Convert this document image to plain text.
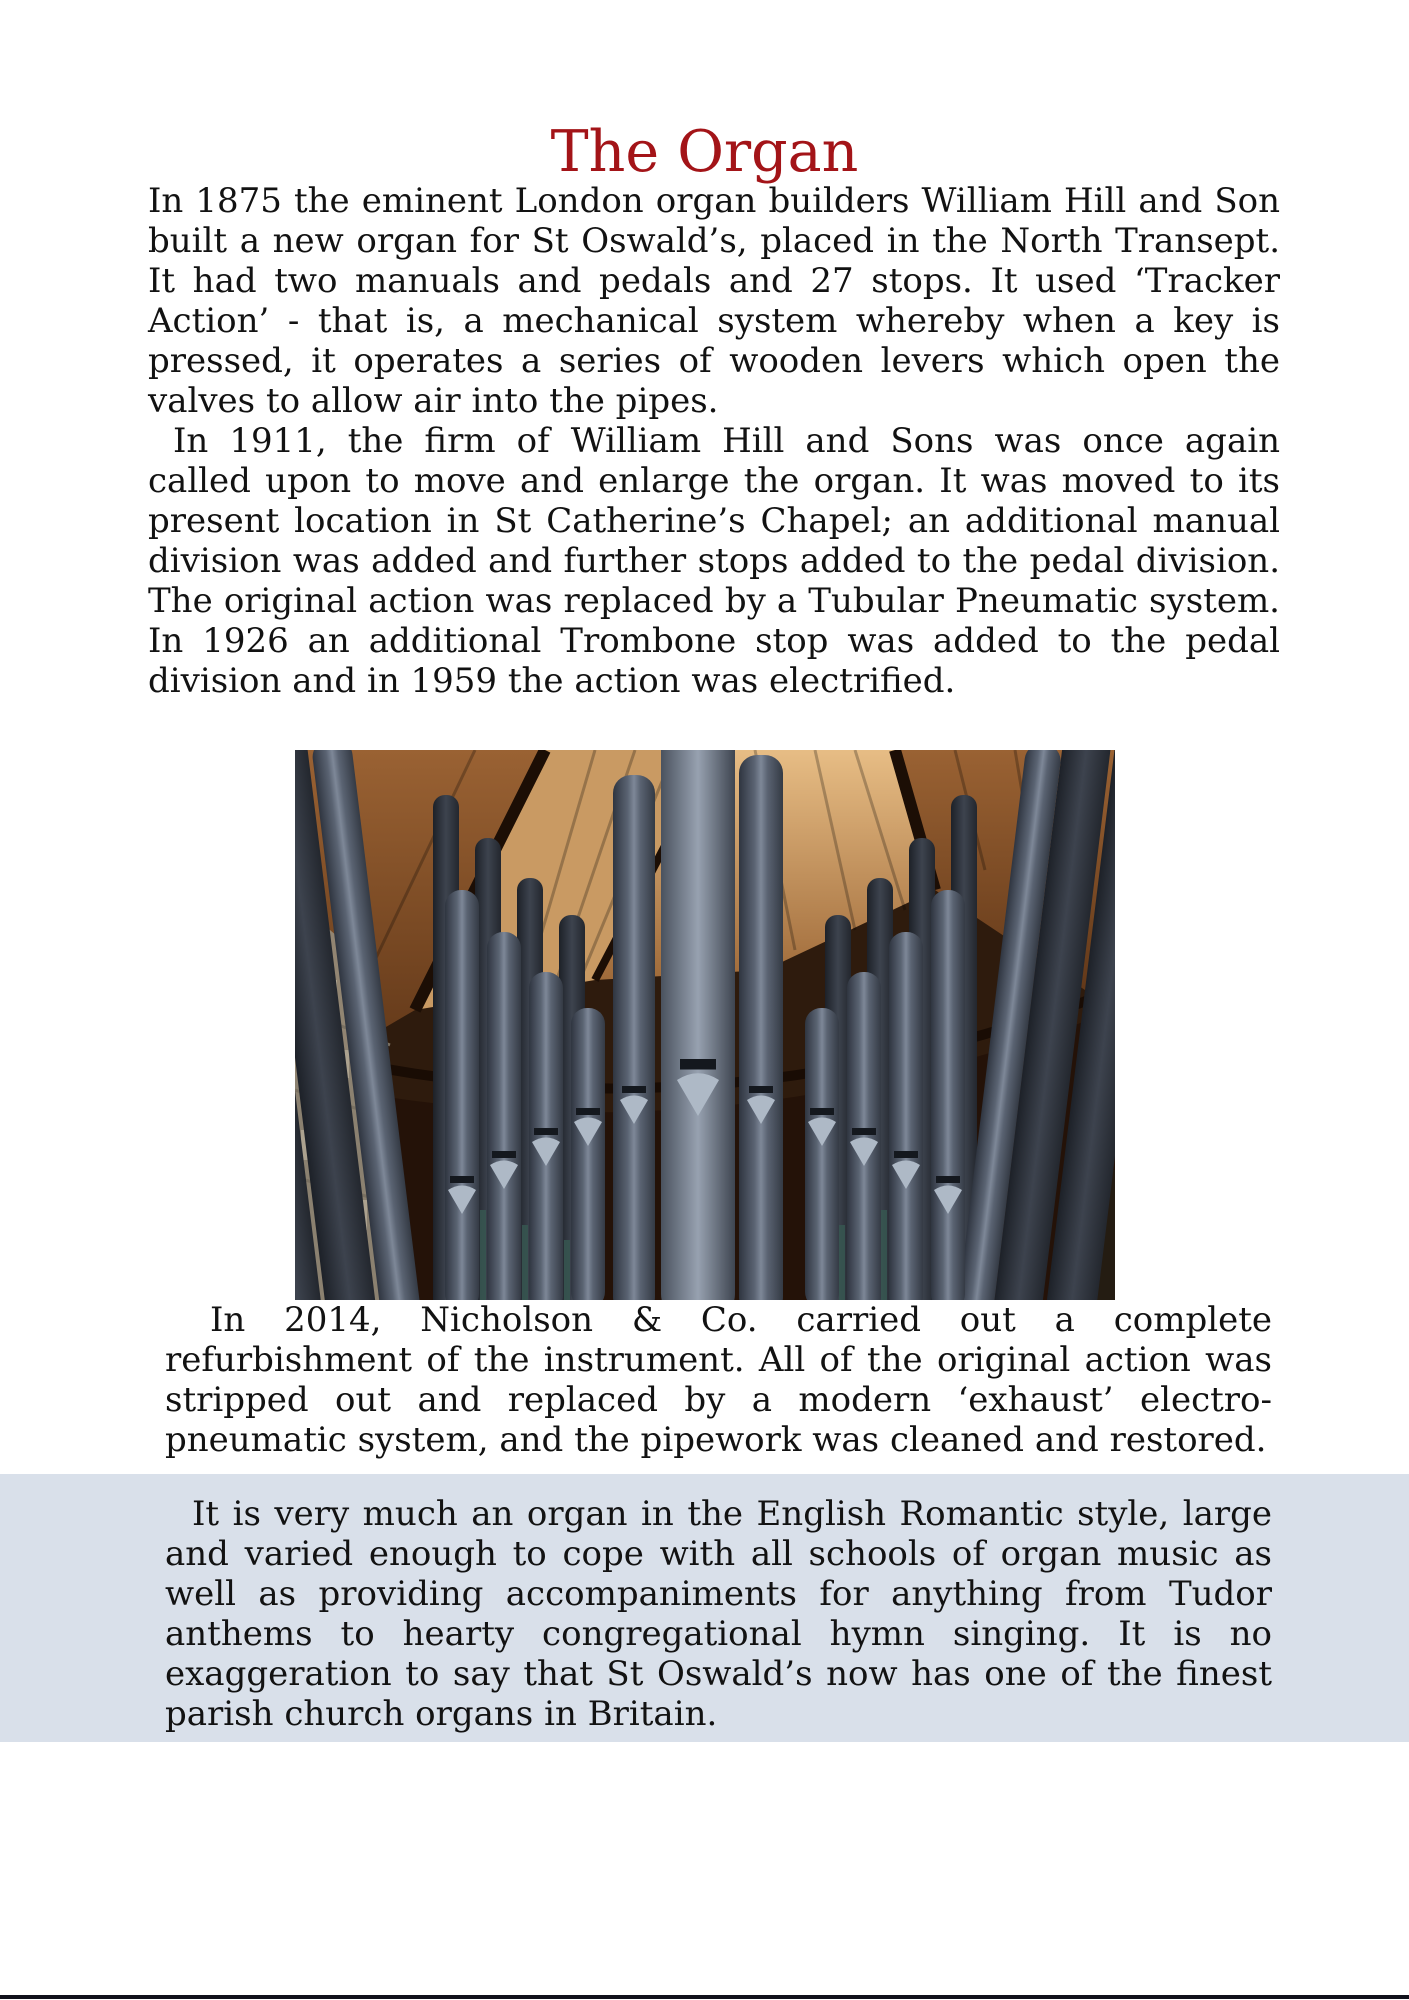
The Organ

In 1875 the eminent London organ builders William Hill and Son built a new organ for St Oswald’s, placed in the North Transept. It had two manuals and pedals and 27 stops. It used ‘Tracker Action’ - that is, a mechanical system whereby when a key is pressed, it operates a series of wooden levers which open the valves to allow air into the pipes.

In 1911, the firm of William Hill and Sons was once again called upon to move and enlarge the organ. It was moved to its present location in St Catherine’s Chapel; an additional manual division was added and further stops added to the pedal division. The original action was replaced by a Tubular Pneumatic system. In 1926 an additional Trombone stop was added to the pedal division and in 1959 the action was electrified.

In 2014, Nicholson & Co. carried out a complete refurbishment of the instrument. All of the original action was stripped out and replaced by a modern ‘exhaust’ electro-pneumatic system, and the pipework was cleaned and restored.

It is very much an organ in the English Romantic style, large and varied enough to cope with all schools of organ music as well as providing accompaniments for anything from Tudor anthems to hearty congregational hymn singing. It is no exaggeration to say that St Oswald’s now has one of the finest parish church organs in Britain.
